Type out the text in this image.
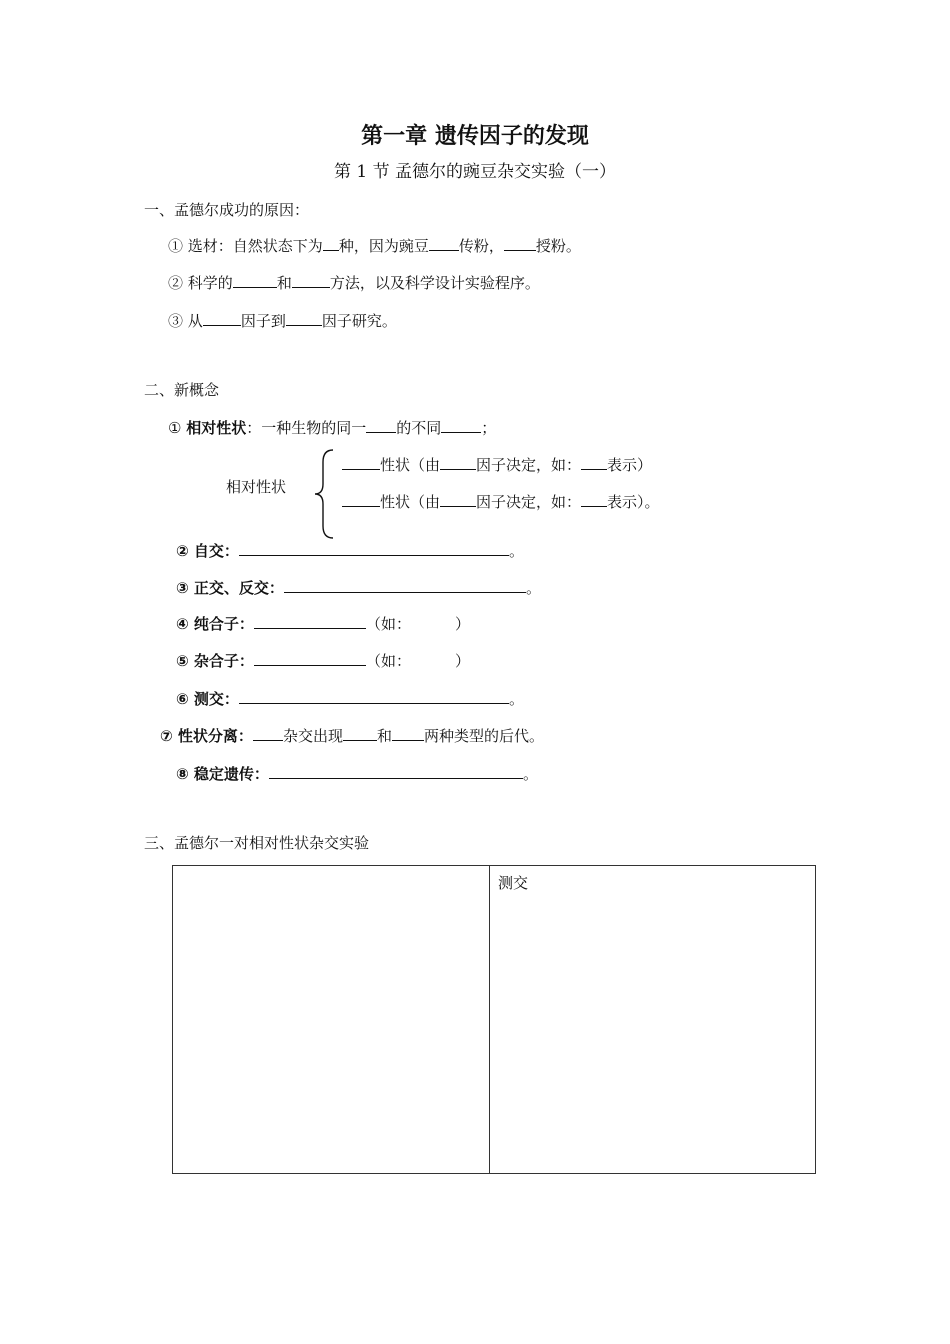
第一章 遗传因子的发现
第 1 节 孟德尔的豌豆杂交实验（一）
一、孟德尔成功的原因：
① 选材：自然状态下为 种，因为豌豆 传粉， 授粉。
② 科学的	和	方法，以及科学设计实验程序。
③ 从	因子到 因子研究。
二、新概念
① 相对性状：一种生物的同一 的不同	；
相对性状
性状（由 因子决定，如： 表示）
性状（由 因子决定，如： 表示）。
② 自交：	。
③ 正交、反交：	。
④ 纯合子：	（如：	）
⑤ 杂合子：	（如：	）
⑥ 测交：	。
⑦ 性状分离： 杂交出现 和 两种类型的后代。
⑧ 稳定遗传：	。
三、孟德尔一对相对性状杂交实验
	测交
